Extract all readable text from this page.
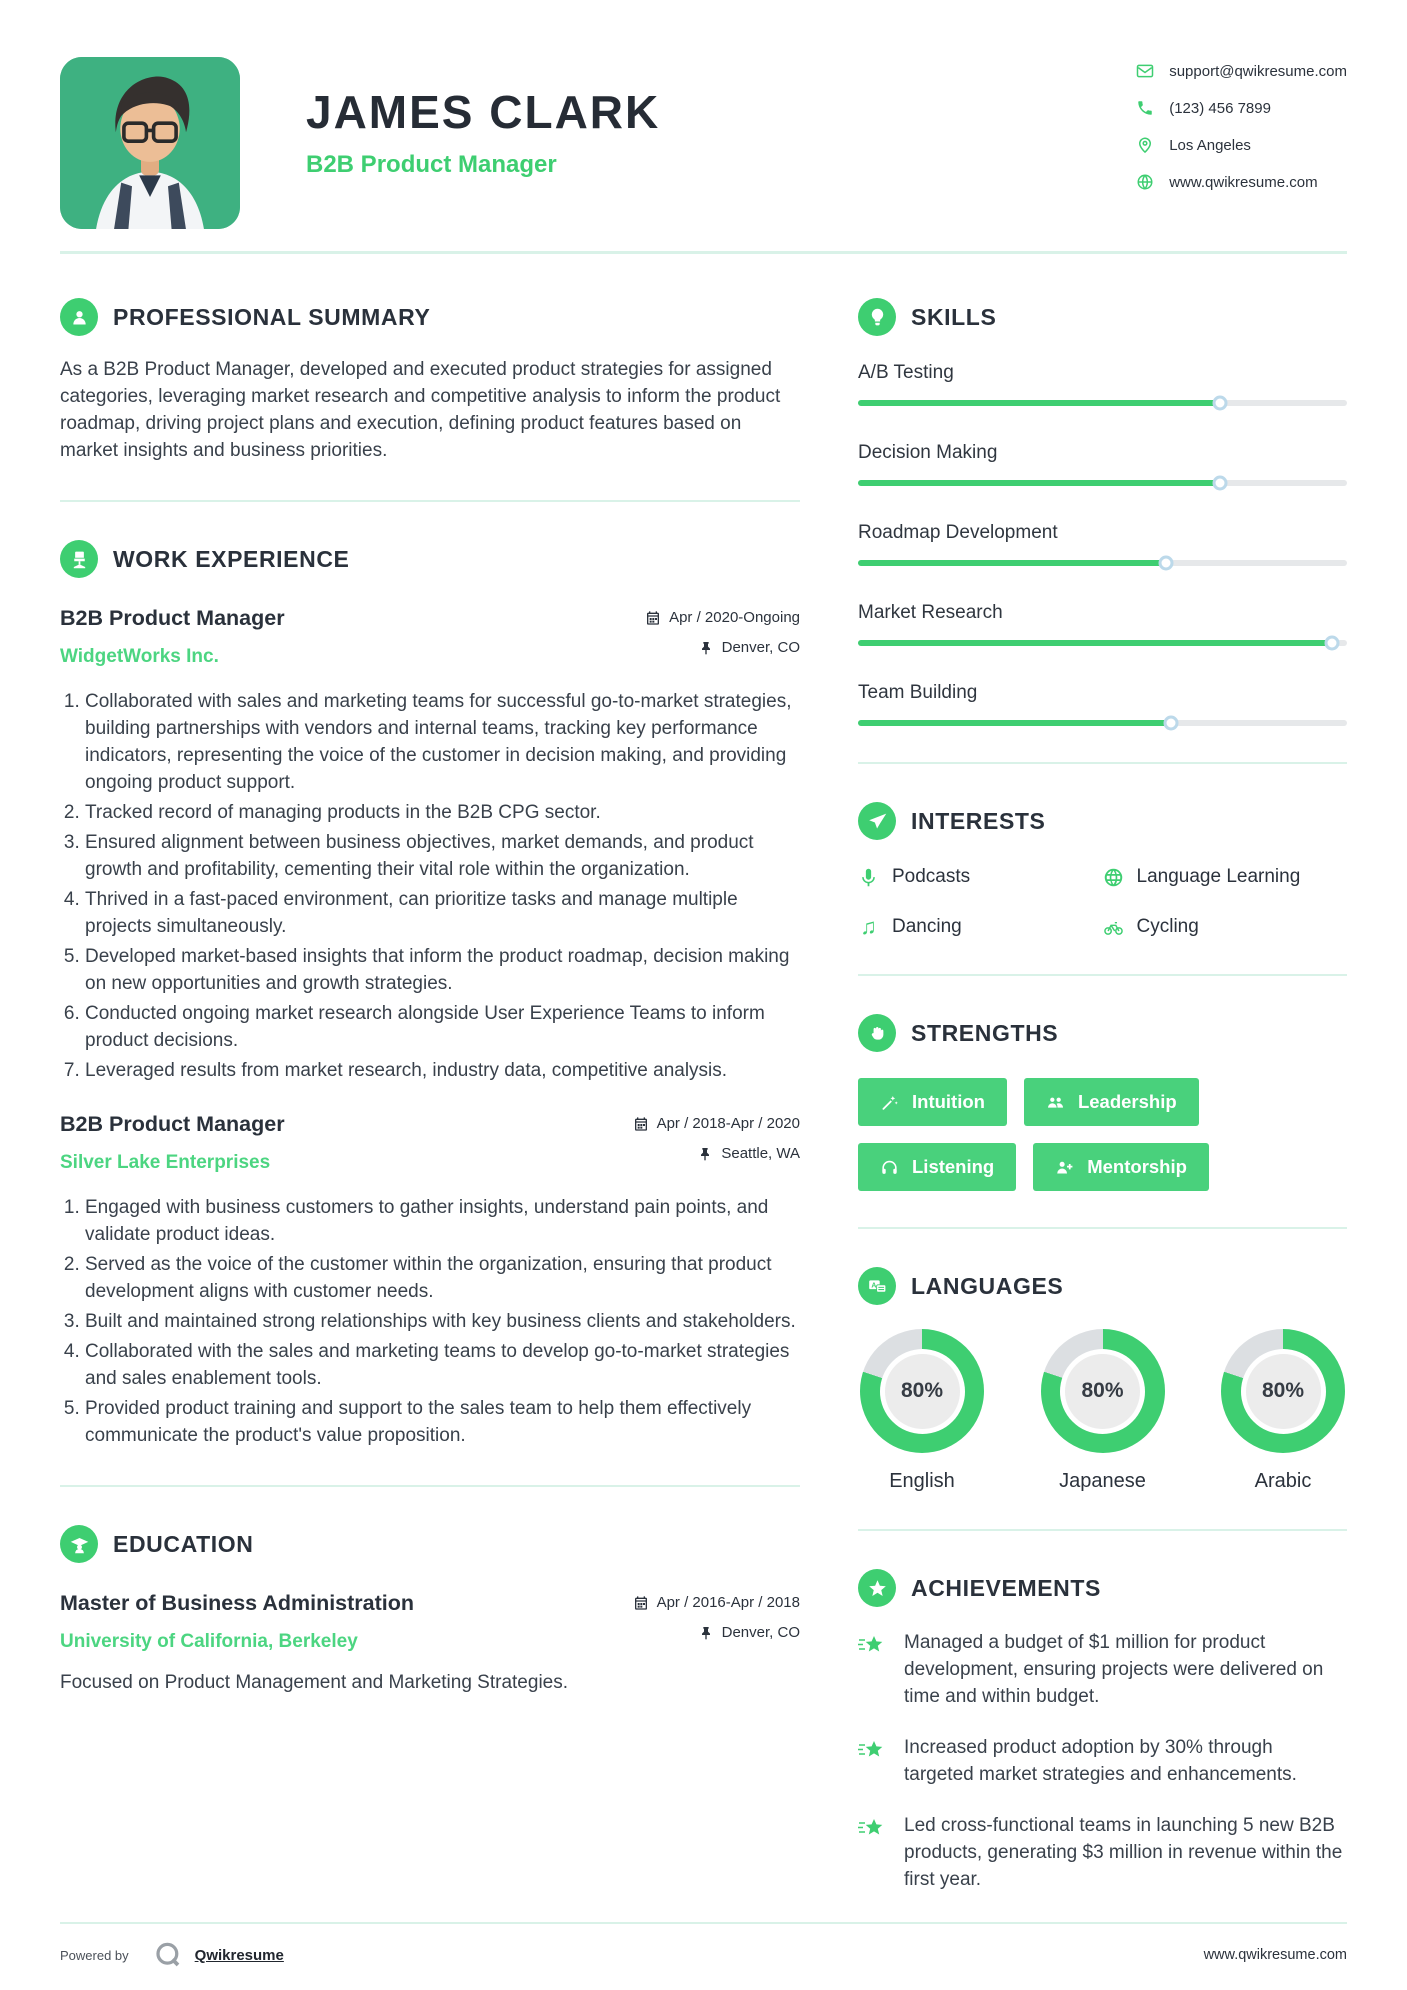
JAMES CLARK
B2B Product Manager
support@qwikresume.com
(123) 456 7899
Los Angeles
www.qwikresume.com
PROFESSIONAL SUMMARY

As a B2B Product Manager, developed and executed product strategies for assigned categories, leveraging market research and competitive analysis to inform the product roadmap, driving project plans and execution, defining product features based on market insights and business priorities.

WORK EXPERIENCE
B2B Product Manager
WidgetWorks Inc.
Apr / 2020-Ongoing
Denver, CO
1. Collaborated with sales and marketing teams for successful go-to-market strategies, building partnerships with vendors and internal teams, tracking key performance indicators, representing the voice of the customer in decision making, and providing ongoing product support.
2. Tracked record of managing products in the B2B CPG sector.
3. Ensured alignment between business objectives, market demands, and product growth and profitability, cementing their vital role within the organization.
4. Thrived in a fast-paced environment, can prioritize tasks and manage multiple projects simultaneously.
5. Developed market-based insights that inform the product roadmap, decision making on new opportunities and growth strategies.
6. Conducted ongoing market research alongside User Experience Teams to inform product decisions.
7. Leveraged results from market research, industry data, competitive analysis.
B2B Product Manager
Silver Lake Enterprises
Apr / 2018-Apr / 2020
Seattle, WA
1. Engaged with business customers to gather insights, understand pain points, and validate product ideas.
2. Served as the voice of the customer within the organization, ensuring that product development aligns with customer needs.
3. Built and maintained strong relationships with key business clients and stakeholders.
4. Collaborated with the sales and marketing teams to develop go-to-market strategies and sales enablement tools.
5. Provided product training and support to the sales team to help them effectively communicate the product's value proposition.
EDUCATION
Master of Business Administration
University of California, Berkeley
Apr / 2016-Apr / 2018
Denver, CO

Focused on Product Management and Marketing Strategies.

SKILLS
A/B Testing
Decision Making
Roadmap Development
Market Research
Team Building
INTERESTS
Podcasts	Language Learning
♫ Dancing	Cycling
STRENGTHS
Intuition	Leadership
Listening	Mentorship
A LANGUAGES
80%
English
80%
Japanese
80%
Arabic
ACHIEVEMENTS
Managed a budget of $1 million for product development, ensuring projects were delivered on time and within budget.
Increased product adoption by 30% through targeted market strategies and enhancements.
Led cross-functional teams in launching 5 new B2B products, generating $3 million in revenue within the first year.
Powered by	Qwikresume	www.qwikresume.com
